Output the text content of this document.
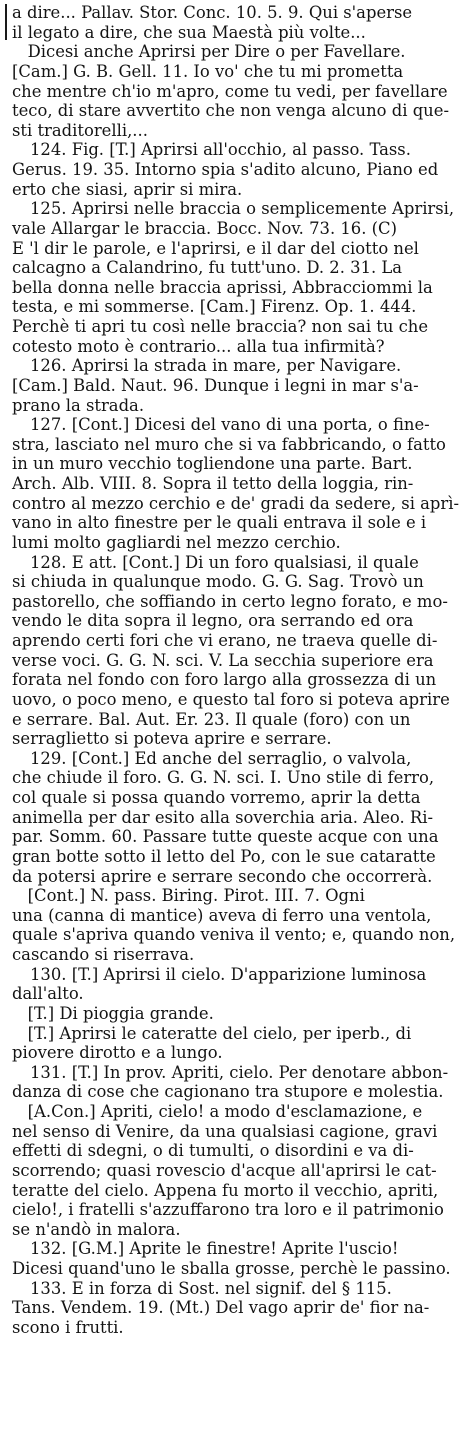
a dire... Pallav. Stor. Conc. 10. 5. 9. Qui s'aperse
il legato a dire, che sua Maestà più volte...
Dicesi anche Aprirsi per Dire o per Favellare.
[Cam.] G. B. Gell. 11. Io vo' che tu mi prometta
che mentre ch'io m'apro, come tu vedi, per favellare
teco, di stare avvertito che non venga alcuno di que-
sti traditorelli,...
124. Fig. [T.] Aprirsi all'occhio, al passo. Tass.
Gerus. 19. 35. Intorno spia s'adito alcuno, Piano ed
erto che siasi, aprir si mira.
125. Aprirsi nelle braccia o semplicemente Aprirsi,
vale Allargar le braccia. Bocc. Nov. 73. 16. (C)
E 'l dir le parole, e l'aprirsi, e il dar del ciotto nel
calcagno a Calandrino, fu tutt'uno. D. 2. 31. La
bella donna nelle braccia aprissi, Abbracciommi la
testa, e mi sommerse. [Cam.] Firenz. Op. 1. 444.
Perchè ti apri tu così nelle braccia? non sai tu che
cotesto moto è contrario... alla tua infirmità?
126. Aprirsi la strada in mare, per Navigare.
[Cam.] Bald. Naut. 96. Dunque i legni in mar s'a-
prano la strada.
127. [Cont.] Dicesi del vano di una porta, o fine-
stra, lasciato nel muro che si va fabbricando, o fatto
in un muro vecchio togliendone una parte. Bart.
Arch. Alb. VIII. 8. Sopra il tetto della loggia, rin-
contro al mezzo cerchio e de' gradi da sedere, si aprì-
vano in alto finestre per le quali entrava il sole e i
lumi molto gagliardi nel mezzo cerchio.
128. E att. [Cont.] Di un foro qualsiasi, il quale
si chiuda in qualunque modo. G. G. Sag. Trovò un
pastorello, che soffiando in certo legno forato, e mo-
vendo le dita sopra il legno, ora serrando ed ora
aprendo certi fori che vi erano, ne traeva quelle di-
verse voci. G. G. N. sci. V. La secchia superiore era
forata nel fondo con foro largo alla grossezza di un
uovo, o poco meno, e questo tal foro si poteva aprire
e serrare. Bal. Aut. Er. 23. Il quale (foro) con un
serraglietto si poteva aprire e serrare.
129. [Cont.] Ed anche del serraglio, o valvola,
che chiude il foro. G. G. N. sci. I. Uno stile di ferro,
col quale si possa quando vorremo, aprir la detta
animella per dar esito alla soverchia aria. Aleo. Ri-
par. Somm. 60. Passare tutte queste acque con una
gran botte sotto il letto del Po, con le sue cataratte
da potersi aprire e serrare secondo che occorrerà.
[Cont.] N. pass. Biring. Pirot. III. 7. Ogni
una (canna di mantice) aveva di ferro una ventola,
quale s'apriva quando veniva il vento; e, quando non,
cascando si riserrava.
130. [T.] Aprirsi il cielo. D'apparizione luminosa
dall'alto.
[T.] Di pioggia grande.
[T.] Aprirsi le cateratte del cielo, per iperb., di
piovere dirotto e a lungo.
131. [T.] In prov. Apriti, cielo. Per denotare abbon-
danza di cose che cagionano tra stupore e molestia.
[A.Con.] Apriti, cielo! a modo d'esclamazione, e
nel senso di Venire, da una qualsiasi cagione, gravi
effetti di sdegni, o di tumulti, o disordini e va di-
scorrendo; quasi rovescio d'acque all'aprirsi le cat-
teratte del cielo. Appena fu morto il vecchio, apriti,
cielo!, i fratelli s'azzuffarono tra loro e il patrimonio
se n'andò in malora.
132. [G.M.] Aprite le finestre! Aprite l'uscio!
Dicesi quand'uno le sballa grosse, perchè le passino.
133. E in forza di Sost. nel signif. del § 115.
Tans. Vendem. 19. (Mt.) Del vago aprir de' fior na-
scono i frutti.
